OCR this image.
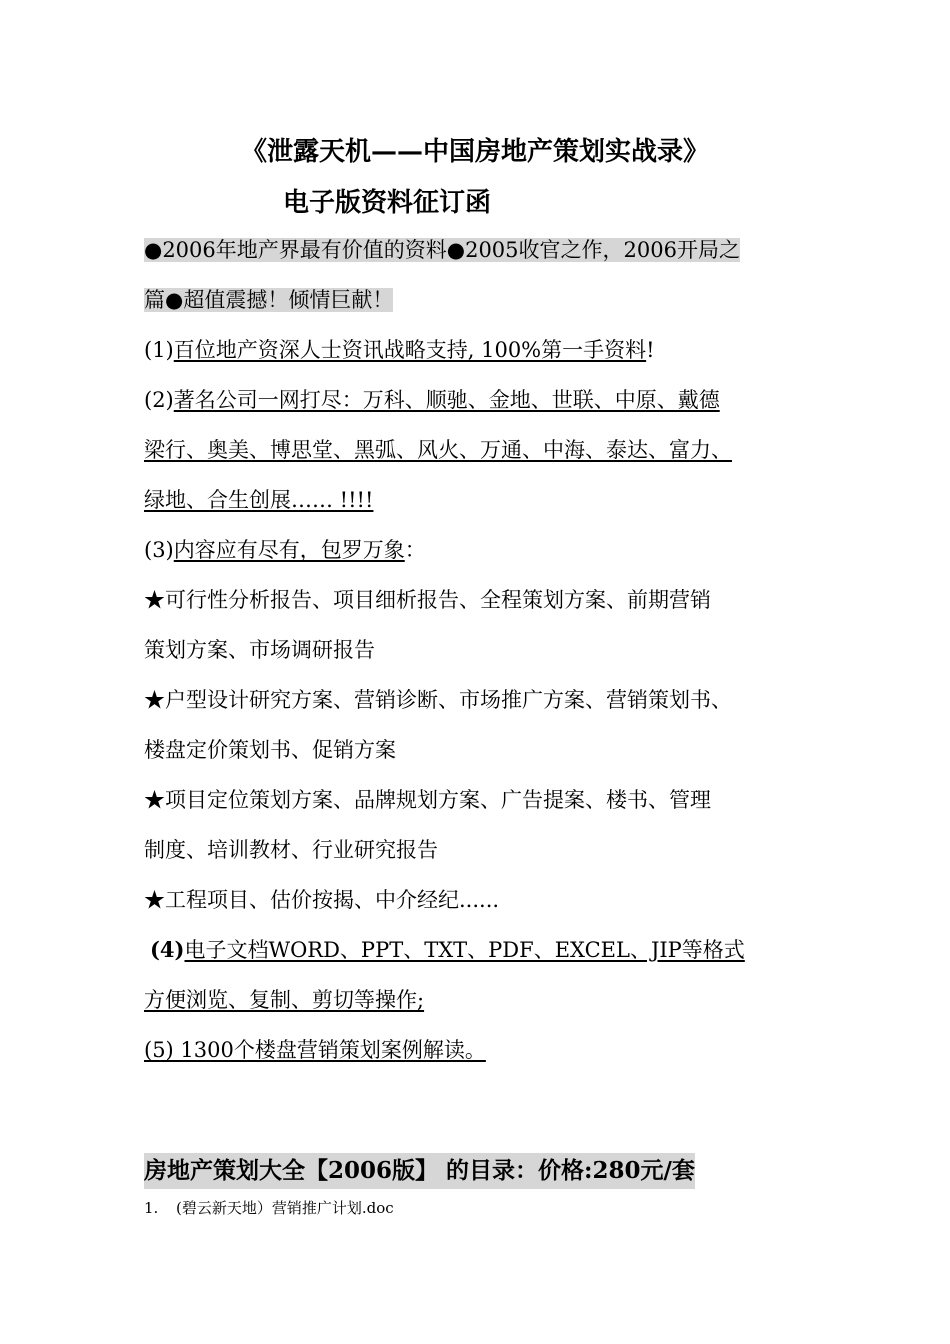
《泄露天机——中国房地产策划实战录》
电子版资料征订函
●2006年地产界最有价值的资料●2005收官之作，2006开局之
篇●超值震撼！倾情巨献！
(1)百位地产资深人士资讯战略支持, 100%第一手资料!
(2)著名公司一网打尽：万科、顺驰、金地、世联、中原、戴德
梁行、奥美、博思堂、黑弧、风火、万通、中海、泰达、富力、
绿地、合生创展…… !!!!
(3)内容应有尽有，包罗万象：
★可行性分析报告、项目细析报告、全程策划方案、前期营销
策划方案、市场调研报告
★户型设计研究方案、营销诊断、市场推广方案、营销策划书、
楼盘定价策划书、促销方案
★项目定位策划方案、品牌规划方案、广告提案、楼书、管理
制度、培训教材、行业研究报告
★工程项目、估价按揭、中介经纪......
(4)电子文档WORD、PPT、TXT、PDF、EXCEL、JIP等格式
方便浏览、复制、剪切等操作;
(5) 1300个楼盘营销策划案例解读。
房地产策划大全【2006版】 的目录：价格:280元/套
1. (碧云新天地）营销推广计划.doc
